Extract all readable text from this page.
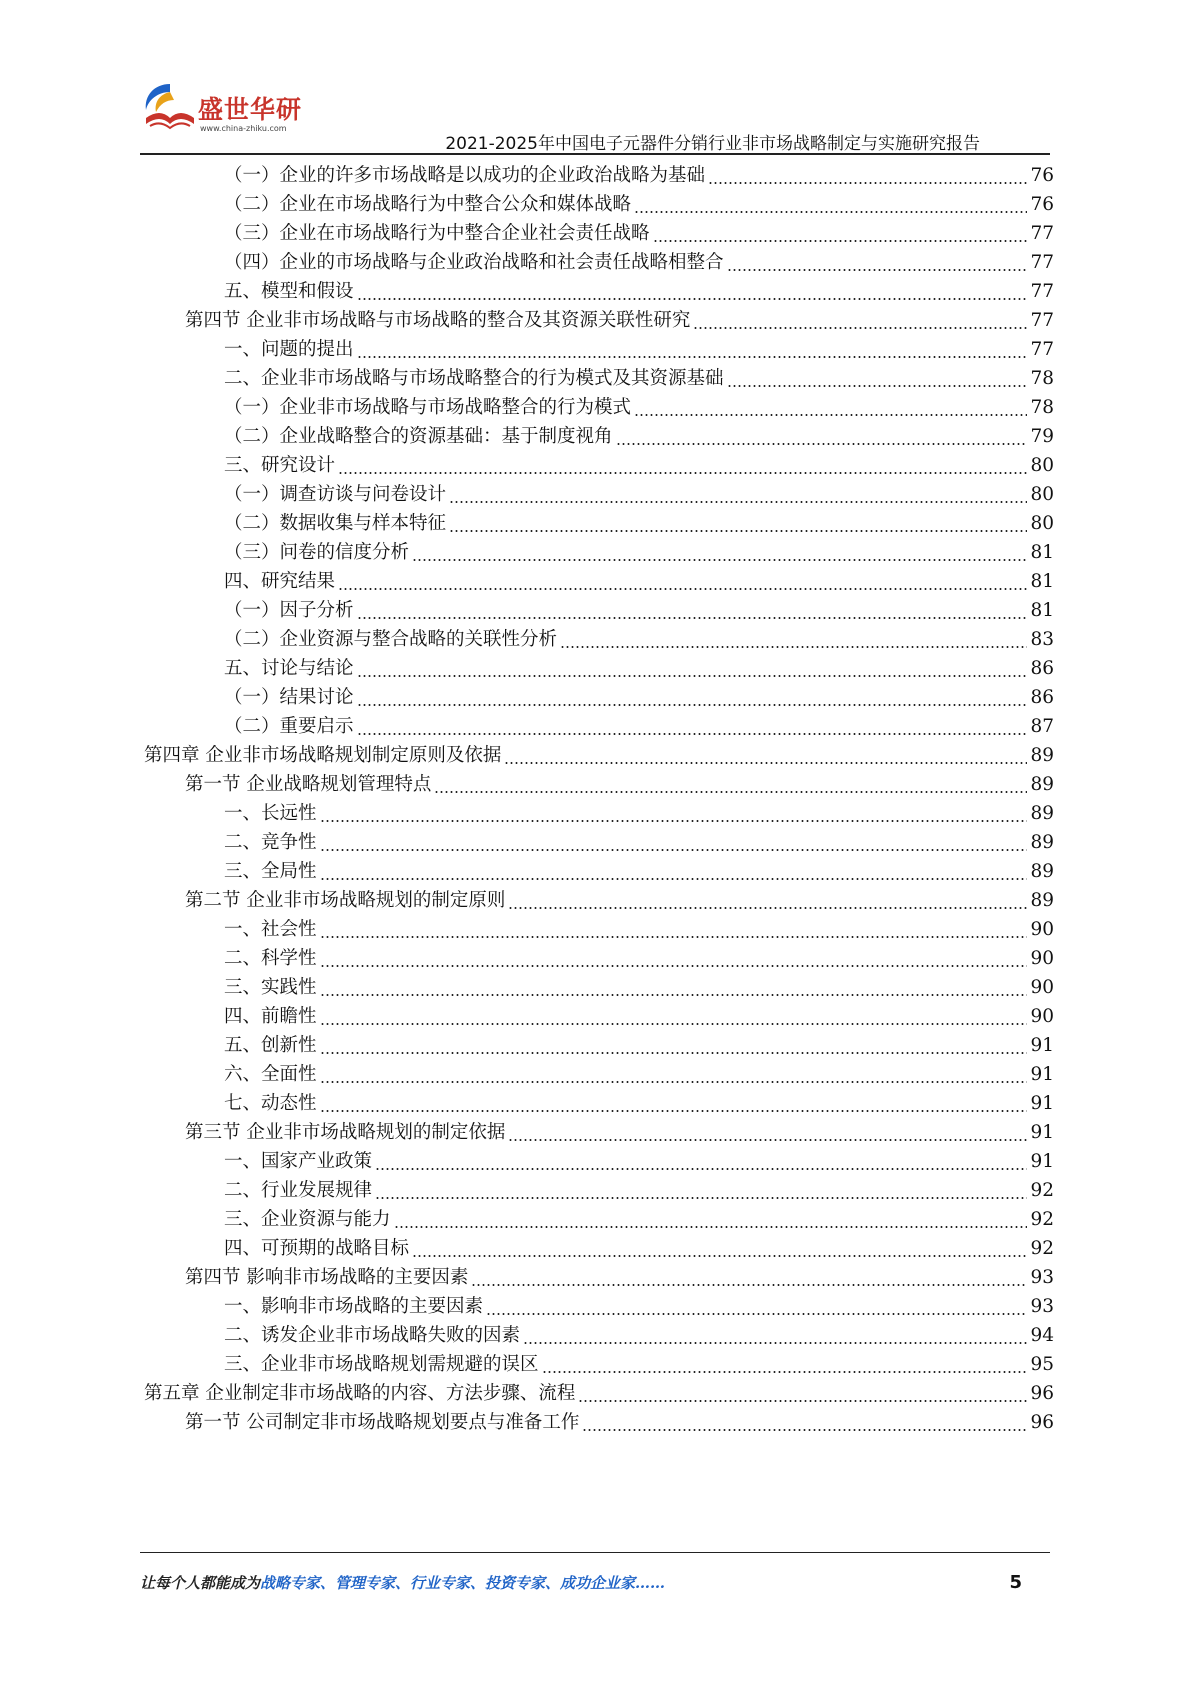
盛世华研
www.china-zhiku.com
2021-2025年中国电子元器件分销行业非市场战略制定与实施研究报告
（一）企业的许多市场战略是以成功的企业政治战略为基础	76
（二）企业在市场战略行为中整合公众和媒体战略	76
（三）企业在市场战略行为中整合企业社会责任战略	77
（四）企业的市场战略与企业政治战略和社会责任战略相整合	77
五、模型和假设	77
第四节 企业非市场战略与市场战略的整合及其资源关联性研究	77
一、问题的提出	77
二、企业非市场战略与市场战略整合的行为模式及其资源基础	78
（一）企业非市场战略与市场战略整合的行为模式	78
（二）企业战略整合的资源基础：基于制度视角	79
三、研究设计	80
（一）调查访谈与问卷设计	80
（二）数据收集与样本特征	80
（三）问卷的信度分析	81
四、研究结果	81
（一）因子分析	81
（二）企业资源与整合战略的关联性分析	83
五、讨论与结论	86
（一）结果讨论	86
（二）重要启示	87
第四章 企业非市场战略规划制定原则及依据	89
第一节 企业战略规划管理特点	89
一、长远性	89
二、竞争性	89
三、全局性	89
第二节 企业非市场战略规划的制定原则	89
一、社会性	90
二、科学性	90
三、实践性	90
四、前瞻性	90
五、创新性	91
六、全面性	91
七、动态性	91
第三节 企业非市场战略规划的制定依据	91
一、国家产业政策	91
二、行业发展规律	92
三、企业资源与能力	92
四、可预期的战略目标	92
第四节 影响非市场战略的主要因素	93
一、影响非市场战略的主要因素	93
二、诱发企业非市场战略失败的因素	94
三、企业非市场战略规划需规避的误区	95
第五章 企业制定非市场战略的内容、方法步骤、流程	96
第一节 公司制定非市场战略规划要点与准备工作	96
让每个人都能成为战略专家、管理专家、行业专家、投资专家、成功企业家……	5
